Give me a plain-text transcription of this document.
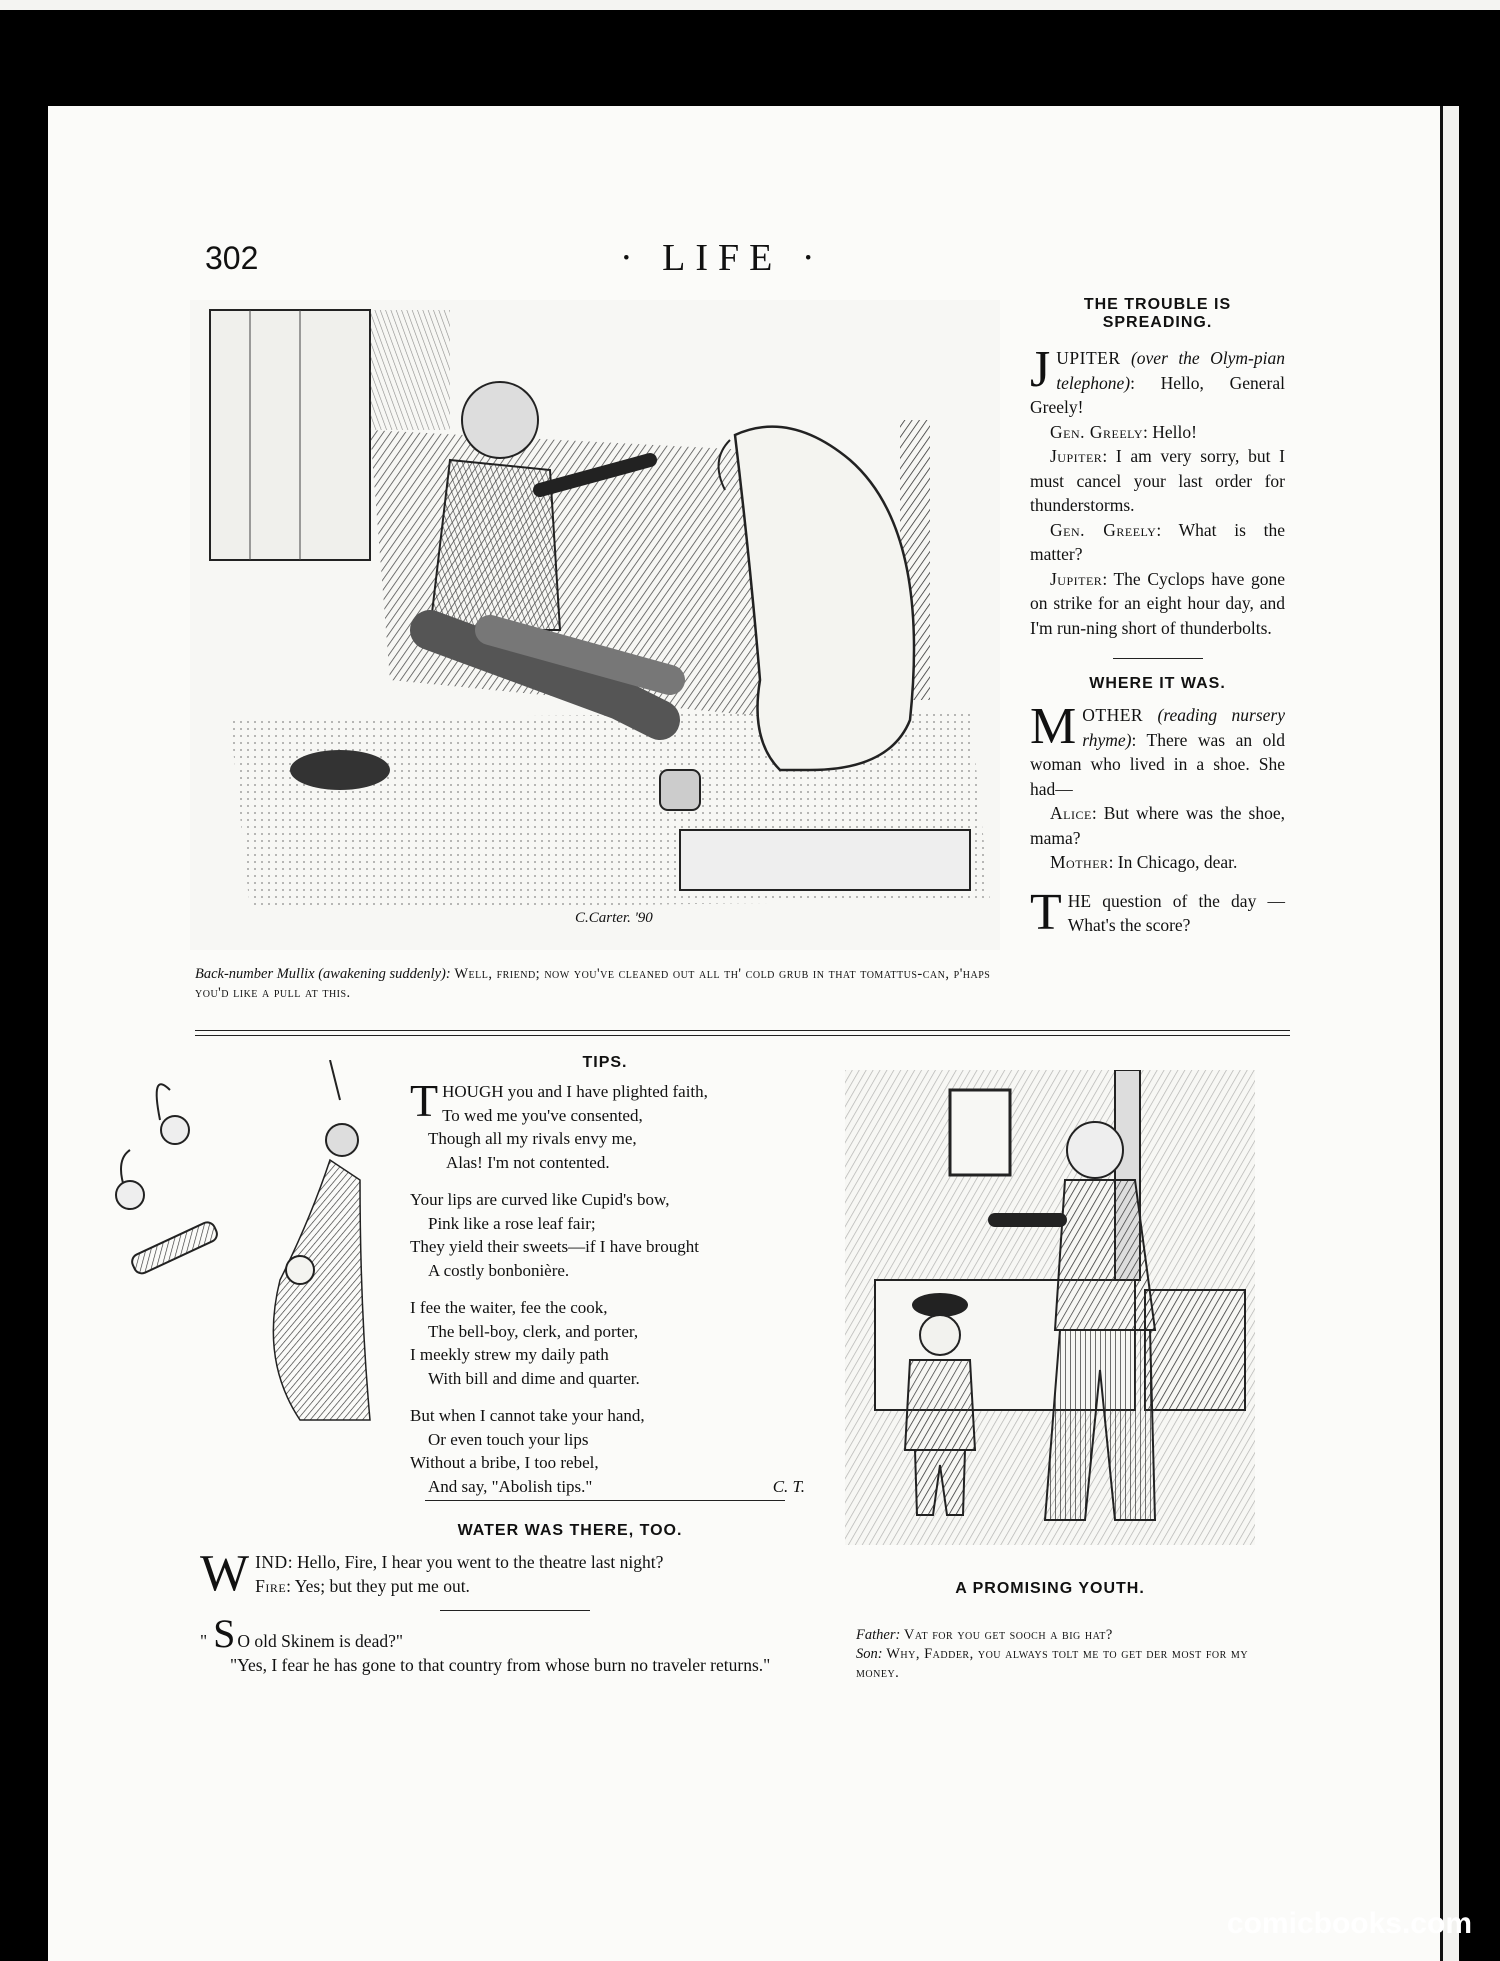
302	· LIFE ·
C.Carter. '90
Back-number Mullix (awakening suddenly): Well, friend; now you've cleaned out all th' cold grub in that tomattus-can, p'haps you'd like a pull at this.
THE TROUBLE IS
SPREADING.

JUPITER (over the Olym-pian telephone): Hello, General Greely!

Gen. Greely: Hello!

Jupiter: I am very sorry, but I must cancel your last order for thunderstorms.

Gen. Greely: What is the matter?

Jupiter: The Cyclops have gone on strike for an eight hour day, and I'm run-ning short of thunderbolts.

WHERE IT WAS.

MOTHER (reading nursery rhyme): There was an old woman who lived in a shoe. She had—

Alice: But where was the shoe, mama?

Mother: In Chicago, dear.

THE question of the day —What's the score?

TIPS.
THOUGH you and I have plighted faith,
To wed me you've consented,
Though all my rivals envy me,
Alas! I'm not contented.
Your lips are curved like Cupid's bow,
Pink like a rose leaf fair;
They yield their sweets—if I have brought
A costly bonbonière.
I fee the waiter, fee the cook,
The bell-boy, clerk, and porter,
I meekly strew my daily path
With bill and dime and quarter.
But when I cannot take your hand,
Or even touch your lips
Without a bribe, I too rebel,
And say, "Abolish tips."	C. T.
WATER WAS THERE, TOO.
W IND: Hello, Fire, I hear you went to the theatre last night?
Fire: Yes; but they put me out.
" S O old Skinem is dead?"
"Yes, I fear he has gone to that country from whose burn no traveler returns."
A PROMISING YOUTH.
Father: Vat for you get sooch a big hat?
Son: Why, Fadder, you always tolt me to get der most for my money.
comicbooks.com
